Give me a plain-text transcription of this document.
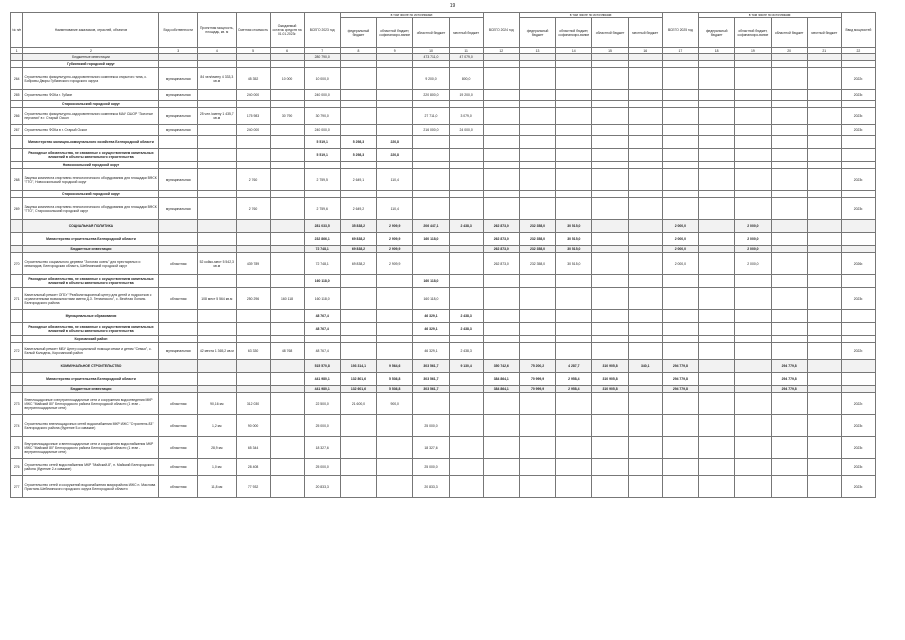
19
№ п/п	Наименование заказчиков, отраслей, объектов	Вид собственности	Проектная мощность, площадь, кв. м	Сметная стоимость	Ожидаемый остаток средств на 01.01.2023г.	ВСЕГО 2023 год	в том числе по источникам:				ВСЕГО 2024 год	в том числе по источникам:				ВСЕГО 2025 год	в том числе по источникам:				Ввод мощностей
							федеральный бюджет	областной бюджет, софинансиро-вание	областной бюджет	местный бюджет		федеральный бюджет	областной бюджет, софинансиро-вание	областной бюджет	местный бюджет		федеральный бюджет	областной бюджет, софинансиро-вание	областной бюджет	местный бюджет	
1	2	3	4	5	6	7	8	9	10	11	12	13	14	15	16	17	18	19	20	21	22
	Бюджетные инвестиции					280 790,0			473 711,0	47 079,0											
	Губкинский городской округ																				
264	Строительство физкультурно-оздоровительного комплекса открытого типа, с. Бобровы Дворы Губкинского городского округа	муниципальная	84 чел/смену 4 333,3 кв.м	45 352	10 000	10 000,0			9 200,0	800,0											2022г.
265	Строительство ФОКа г. Губкин	муниципальная		240 000		240 000,0			220 800,0	19 200,0											2023г.
	Старооскольский городской округ																				
266	Строительство физкультурно-оздоровительного комплекса МАУ СШОР "Золотые перчатки" в г. Старый Оскол	муниципальная	25 чел./смену 1 435,7 кв.м	175 983	30 790	30 790,0			27 711,0	3 079,0											2023г.
267	Строительство ФОКа в г. Старый Оскол	муниципальная		240 000		240 000,0			216 000,0	24 000,0											2023г.
	Министерство жилищно-коммунального хозяйства Белгородской области					5 519,1	5 298,3	220,8													
	Расходные обязательства, не связанные с осуществлением капитальных вложений в объекты капитального строительства					5 519,1	5 298,3	220,8													
	Новооскольский городской округ																				
268	Закупка комплекта спортивно-технологического оборудования для площадки ВФСК "ГТО", Новооскольский городской округ	муниципальная		2 760		2 759,5	2 649,1	110,4													2023г.
	Старооскольский городской округ																				
269	Закупка комплекта спортивно-технологического оборудования для площадки ВФСК "ГТО", Старооскольский городской округ	муниципальная		2 760		2 759,6	2 649,2	110,4													2023г.
	СОЦИАЛЬНАЯ ПОЛИТИКА					281 033,5	35 838,2	2 909,9	206 447,1	2 438,3	262 873,0	232 358,0	30 515,0			2 000,0		2 000,0			
	Министерство строительства Белгородской области					232 866,1	69 838,2	2 909,9	160 118,0		262 873,0	232 358,0	30 515,0			2 000,0		2 000,0			
	Бюджетные инвестиции					72 748,1	69 838,2	2 909,9			262 873,0	232 358,0	30 515,0			2 000,0		2 000,0			
270	Строительство социального деревни "Золотая осень" для престарелых и инвалидов, Белгородская область, Шебекинский городской округ	областная	52 койко-мест 5 542,3 кв.м	439 789		72 748,1	69 838,2	2 909,9			262 873,0	232 358,0	30 515,0			2 000,0		2 000,0			2026г.
	Расходные обязательства, не связанные с осуществлением капитальных вложений в объекты капитального строительства					160 118,0			160 118,0												
271	Капитальный ремонт ОГБУ "Реабилитационный центр для детей и подростков с ограниченными возможностями имени Д.З. Гетманского", с. Весёлая Лопань Белгородского района	областная	108 мест 5 564 кв.м	250 296	160 118	160 118,0			160 118,0												2023г.
	Муниципальные образования					48 767,4			46 329,1	2 438,3											
	Расходные обязательства, не связанные с осуществлением капитальных вложений в объекты капитального строительства					48 767,4			46 329,1	2 438,3											
	Корочанский район																				
272	Капитальный ремонт МБУ Центр социальной помощи семье и детям "Семья", с. Белый Колодезь, Корочанский район	муниципальная	42 места 1 365,2 кв.м	63 330	48 768	48 767,4			46 329,1	2 438,3											2022г.
	КОММУНАЛЬНОЕ СТРОИТЕЛЬСТВО					515 570,8	193 314,1	9 564,6	303 561,7	9 130,4	350 742,6	75 200,2	4 287,7	310 905,8	340,1	294 779,8			294 779,8		
	Министерство строительства Белгородской области					441 980,1	132 801,6	5 536,8	303 561,7		384 864,1	70 999,9	2 958,4	310 905,8		294 779,8			294 779,8		
	Бюджетные инвестиции					441 980,1	132 601,6	5 536,8	303 561,7		384 864,1	70 999,9	2 958,4	310 905,8		294 779,8			294 779,8		
273	Внеплощадочные и внутриплощадочные сети и сооружения водоотведения МКР ИЖС "Майский 80" Белгородского района Белгородской области (1 этап - внутриплощадочные сети)	областная	90,16 км	312 030		22 500,0	21 600,0	900,0													2022г.
274	Строительство внеплощадочных сетей водоснабжения МКР ИЖС "Строитель 83" Белгородского района (бурение 5-и скважин)	областная	1,2 км	90 000		25 000,0			25 000,0												2023г.
275	Внутриплощадочные и внеплощадочные сети и сооружения водоснабжения МКР ИЖС "Майский 80" Белгородского района Белгородской области (1 этап - внутриплощадочные сети)	областная	28,9 км	65 344		18 327,6			18 327,6												2023г.
276	Строительство сетей водоснабжения МКР "Майский-8", п. Майский Белгородского района (бурение 2-х скважин)	областная	1,0 км	28 408		25 000,0			25 000,0												2023г.
277	Строительство сетей и сооружений водоснабжения микрорайона ИЖС п. Маслова Пристань Шебекинского городского округа Белгородской области	областная	11,8 км	77 932		20 833,3			20 833,3												2023г.
